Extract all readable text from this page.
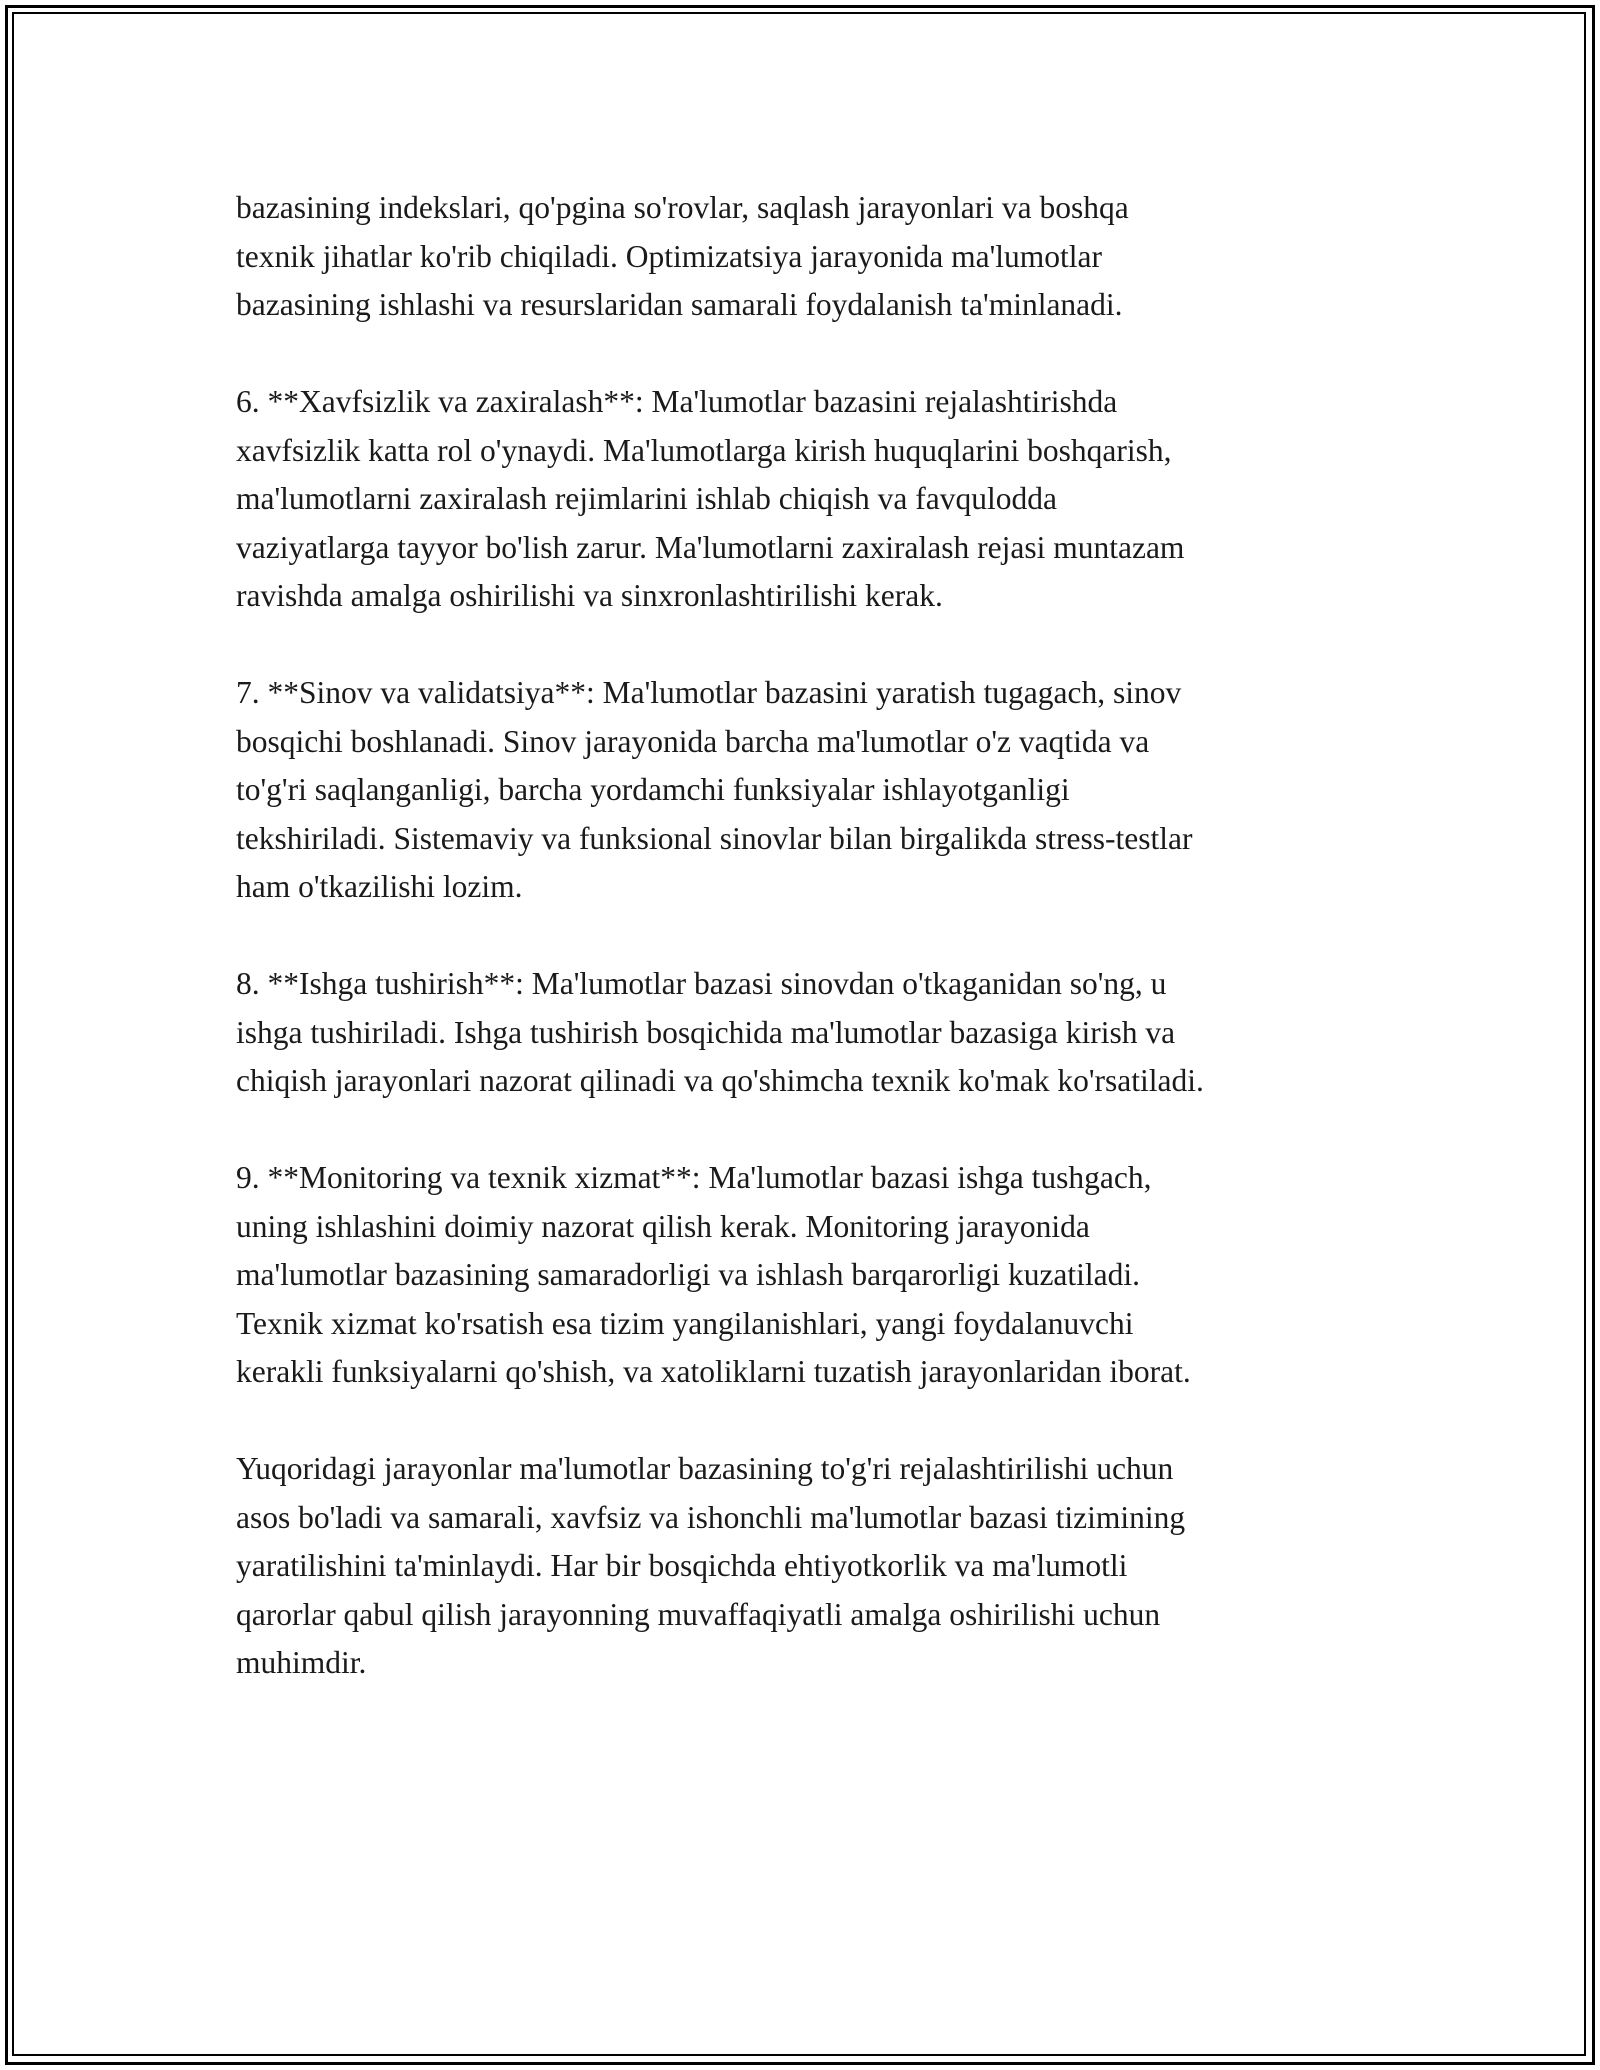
bazasining indekslari, qo'pgina so'rovlar, saqlash jarayonlari va boshqa
texnik jihatlar ko'rib chiqiladi. Optimizatsiya jarayonida ma'lumotlar
bazasining ishlashi va resurslaridan samarali foydalanish ta'minlanadi.

6. **Xavfsizlik va zaxiralash**: Ma'lumotlar bazasini rejalashtirishda
xavfsizlik katta rol o'ynaydi. Ma'lumotlarga kirish huquqlarini boshqarish,
ma'lumotlarni zaxiralash rejimlarini ishlab chiqish va favqulodda
vaziyatlarga tayyor bo'lish zarur. Ma'lumotlarni zaxiralash rejasi muntazam
ravishda amalga oshirilishi va sinxronlashtirilishi kerak.

7. **Sinov va validatsiya**: Ma'lumotlar bazasini yaratish tugagach, sinov
bosqichi boshlanadi. Sinov jarayonida barcha ma'lumotlar o'z vaqtida va
to'g'ri saqlanganligi, barcha yordamchi funksiyalar ishlayotganligi
tekshiriladi. Sistemaviy va funksional sinovlar bilan birgalikda stress-testlar
ham o'tkazilishi lozim.

8. **Ishga tushirish**: Ma'lumotlar bazasi sinovdan o'tkaganidan so'ng, u
ishga tushiriladi. Ishga tushirish bosqichida ma'lumotlar bazasiga kirish va
chiqish jarayonlari nazorat qilinadi va qo'shimcha texnik ko'mak ko'rsatiladi.

9. **Monitoring va texnik xizmat**: Ma'lumotlar bazasi ishga tushgach,
uning ishlashini doimiy nazorat qilish kerak. Monitoring jarayonida
ma'lumotlar bazasining samaradorligi va ishlash barqarorligi kuzatiladi.
Texnik xizmat ko'rsatish esa tizim yangilanishlari, yangi foydalanuvchi
kerakli funksiyalarni qo'shish, va xatoliklarni tuzatish jarayonlaridan iborat.

Yuqoridagi jarayonlar ma'lumotlar bazasining to'g'ri rejalashtirilishi uchun
asos bo'ladi va samarali, xavfsiz va ishonchli ma'lumotlar bazasi tizimining
yaratilishini ta'minlaydi. Har bir bosqichda ehtiyotkorlik va ma'lumotli
qarorlar qabul qilish jarayonning muvaffaqiyatli amalga oshirilishi uchun
muhimdir.
